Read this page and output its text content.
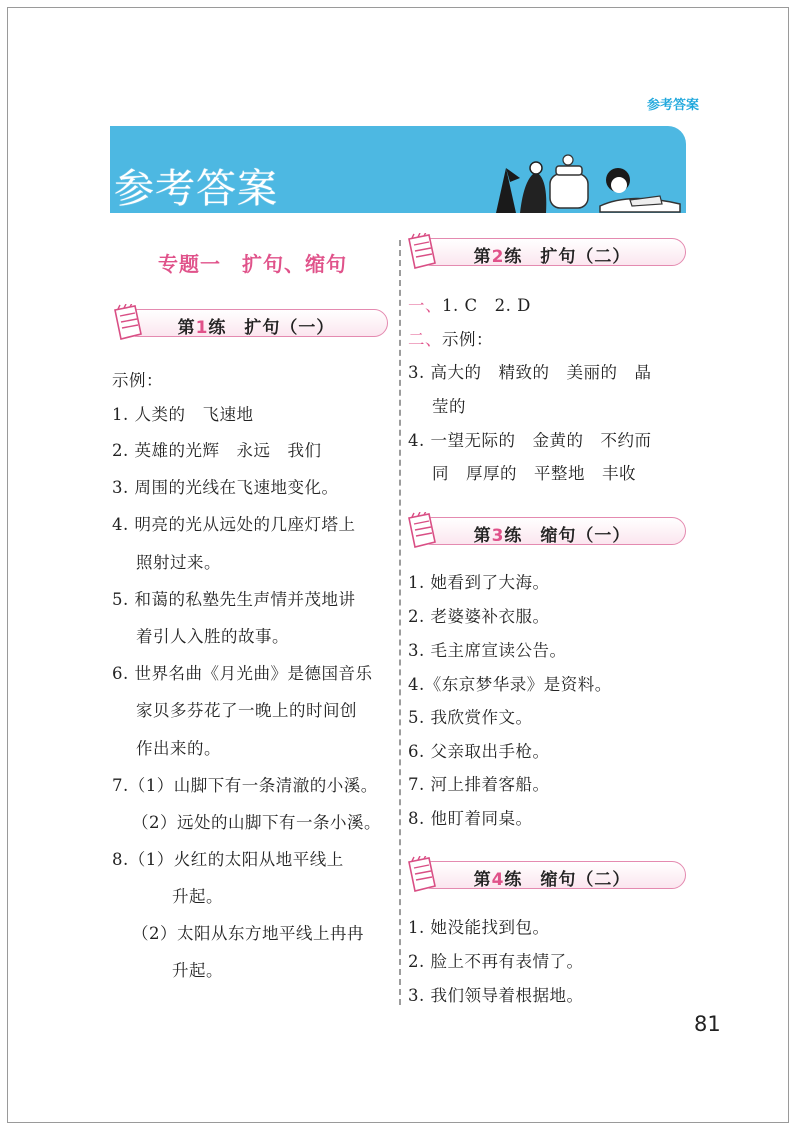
参考答案
参考答案
专题一　扩句、缩句
第1练　扩句（一）
第2练　扩句（二）
第3练　缩句（一）
第4练　缩句（二）
示例：
1. 人类的　飞速地
2. 英雄的光辉　永远　我们
3. 周围的光线在飞速地变化。
4. 明亮的光从远处的几座灯塔上
照射过来。
5. 和蔼的私塾先生声情并茂地讲
着引人入胜的故事。
6. 世界名曲《月光曲》是德国音乐
家贝多芬花了一晚上的时间创
作出来的。
7.（1）山脚下有一条清澈的小溪。
（2）远处的山脚下有一条小溪。
8.（1）火红的太阳从地平线上
升起。
（2）太阳从东方地平线上冉冉
升起。
一、1. C　2. D
二、示例：
3. 高大的　精致的　美丽的　晶
莹的
4. 一望无际的　金黄的　不约而
同　厚厚的　平整地　丰收
1. 她看到了大海。
2. 老婆婆补衣服。
3. 毛主席宣读公告。
4.《东京梦华录》是资料。
5. 我欣赏作文。
6. 父亲取出手枪。
7. 河上排着客船。
8. 他盯着同桌。
1. 她没能找到包。
2. 脸上不再有表情了。
3. 我们领导着根据地。
81
